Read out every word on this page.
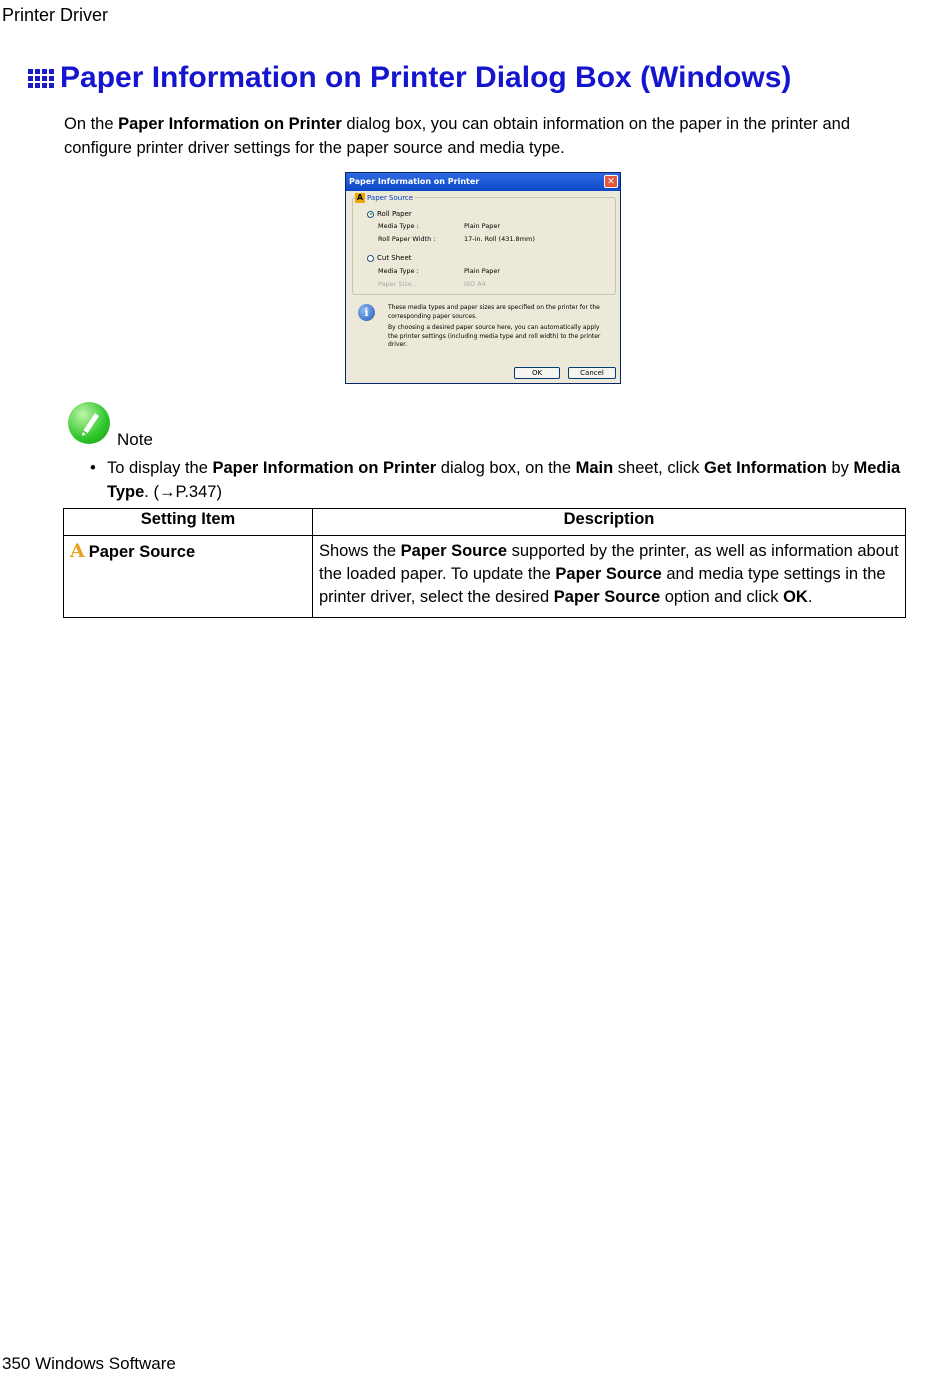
Printer Driver
Paper Information on Printer Dialog Box (Windows)
On the Paper Information on Printer dialog box, you can obtain information on the paper in the printer and configure printer driver settings for the paper source and media type.
Paper Information on Printer	✕
A Paper Source
Roll Paper
Media Type :	Plain Paper
Roll Paper Width :	17-in. Roll (431.8mm)
Cut Sheet
Media Type :	Plain Paper
Paper Size :	ISO A4
i	These media types and paper sizes are specified on the printer for the corresponding paper sources.
By choosing a desired paper source here, you can automatically apply the printer settings (including media type and roll width) to the printer driver.
OK	Cancel
Note
• To display the Paper Information on Printer dialog box, on the Main sheet, click Get Information by Media Type. (→P.347)
Setting Item	Description
A Paper Source	Shows the Paper Source supported by the printer, as well as information about the loaded paper. To update the Paper Source and media type settings in the printer driver, select the desired Paper Source option and click OK.
350 Windows Software
